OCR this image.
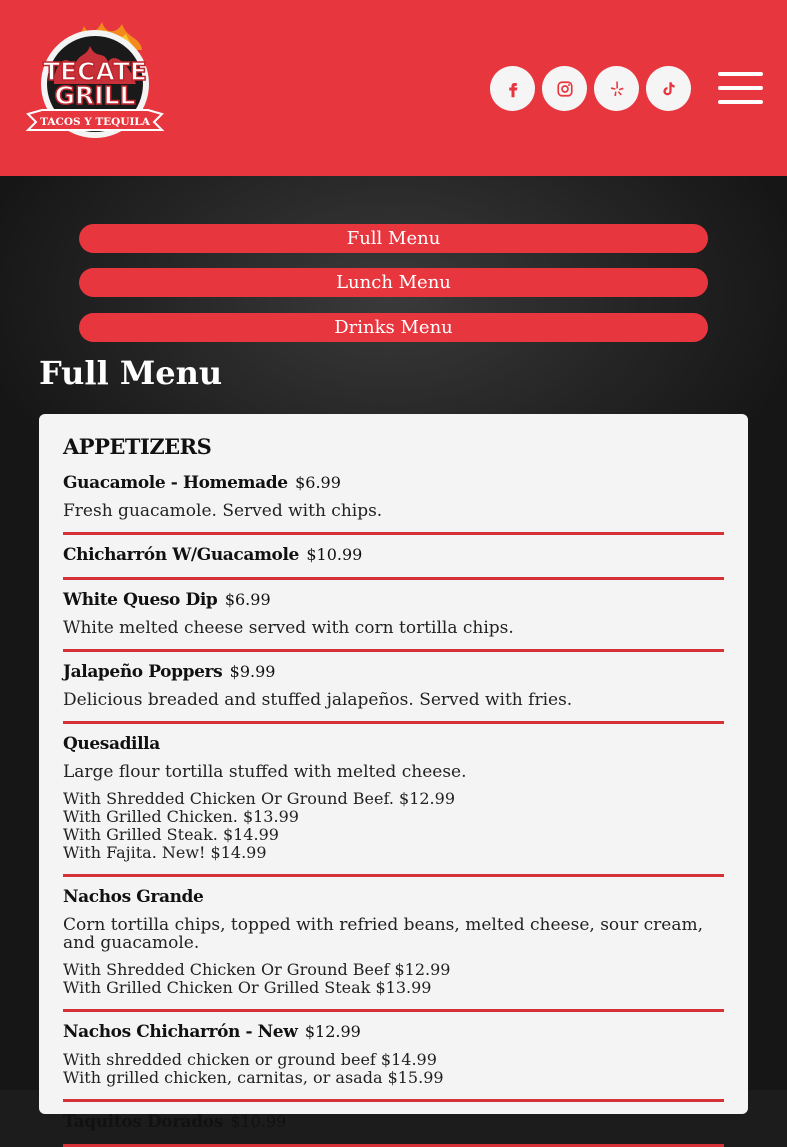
TECATE
GRILL
TACOS Y TEQUILA
Full Menu
Lunch Menu
Drinks Menu
Full Menu
APPETIZERS
Guacamole - Homemade $6.99
Fresh guacamole. Served with chips.
Chicharrón W/Guacamole $10.99
White Queso Dip $6.99
White melted cheese served with corn tortilla chips.
Jalapeño Poppers $9.99
Delicious breaded and stuffed jalapeños. Served with fries.
Quesadilla
Large flour tortilla stuffed with melted cheese.
With Shredded Chicken Or Ground Beef. $12.99
With Grilled Chicken. $13.99
With Grilled Steak. $14.99
With Fajita. New! $14.99
Nachos Grande
Corn tortilla chips, topped with refried beans, melted cheese, sour cream, and guacamole.
With Shredded Chicken Or Ground Beef $12.99
With Grilled Chicken Or Grilled Steak $13.99
Nachos Chicharrón - New $12.99
With shredded chicken or ground beef $14.99
With grilled chicken, carnitas, or asada $15.99
Taquitos Dorados $10.99
